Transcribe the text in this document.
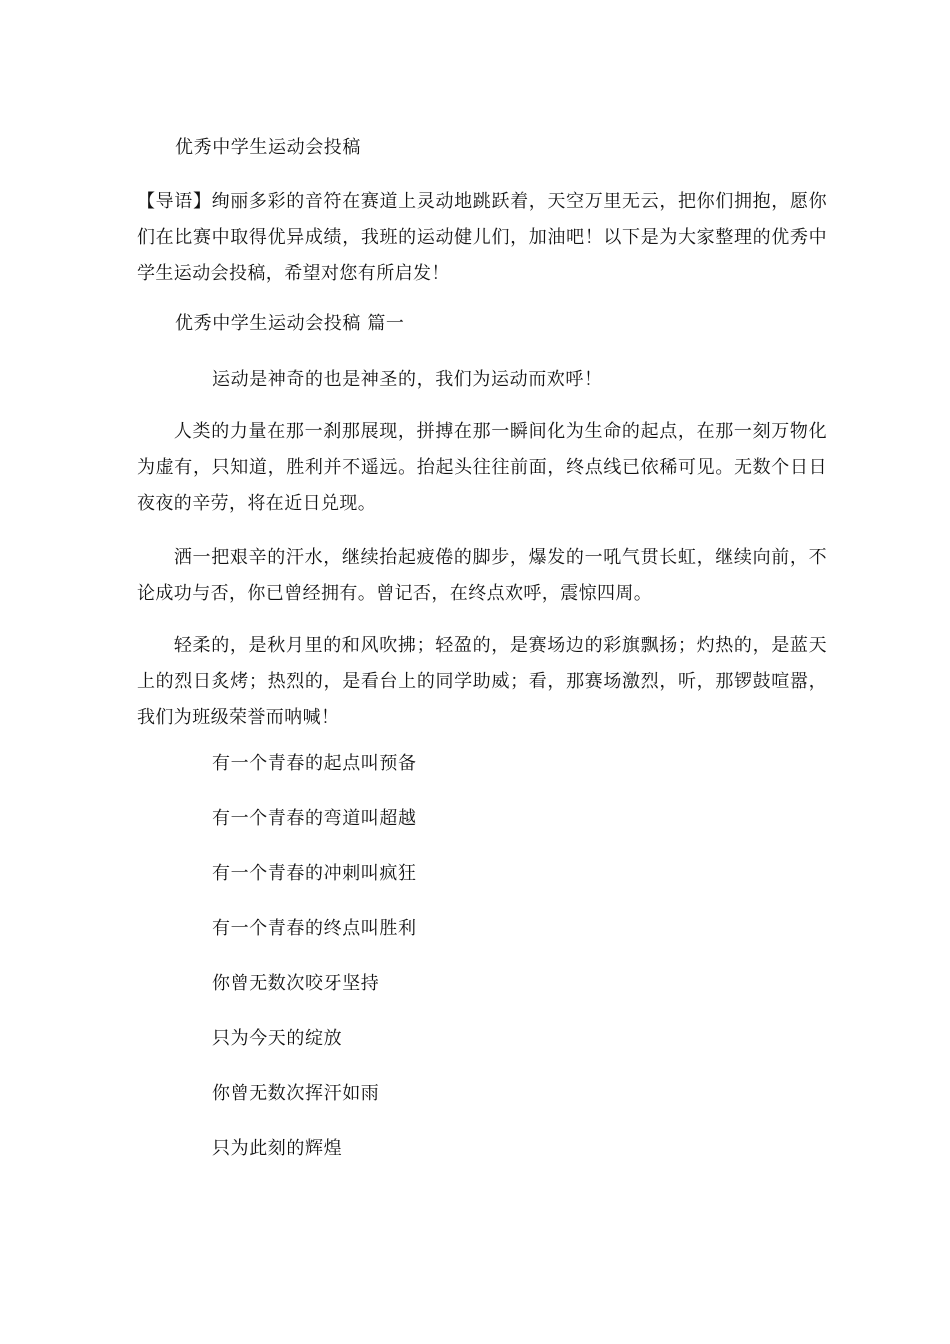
优秀中学生运动会投稿
【导语】绚丽多彩的音符在赛道上灵动地跳跃着，天空万里无云，把你们拥抱，愿你们在比赛中取得优异成绩，我班的运动健儿们，加油吧！以下是为大家整理的优秀中学生运动会投稿，希望对您有所启发！
优秀中学生运动会投稿 篇一
运动是神奇的也是神圣的，我们为运动而欢呼！
人类的力量在那一刹那展现，拼搏在那一瞬间化为生命的起点，在那一刻万物化为虚有，只知道，胜利并不遥远。抬起头往往前面，终点线已依稀可见。无数个日日夜夜的辛劳，将在近日兑现。
洒一把艰辛的汗水，继续抬起疲倦的脚步，爆发的一吼气贯长虹，继续向前，不论成功与否，你已曾经拥有。曾记否，在终点欢呼，震惊四周。
轻柔的，是秋月里的和风吹拂；轻盈的，是赛场边的彩旗飘扬；灼热的，是蓝天上的烈日炙烤；热烈的，是看台上的同学助威；看，那赛场激烈，听，那锣鼓喧嚣，我们为班级荣誉而呐喊！
有一个青春的起点叫预备
有一个青春的弯道叫超越
有一个青春的冲刺叫疯狂
有一个青春的终点叫胜利
你曾无数次咬牙坚持
只为今天的绽放
你曾无数次挥汗如雨
只为此刻的辉煌
